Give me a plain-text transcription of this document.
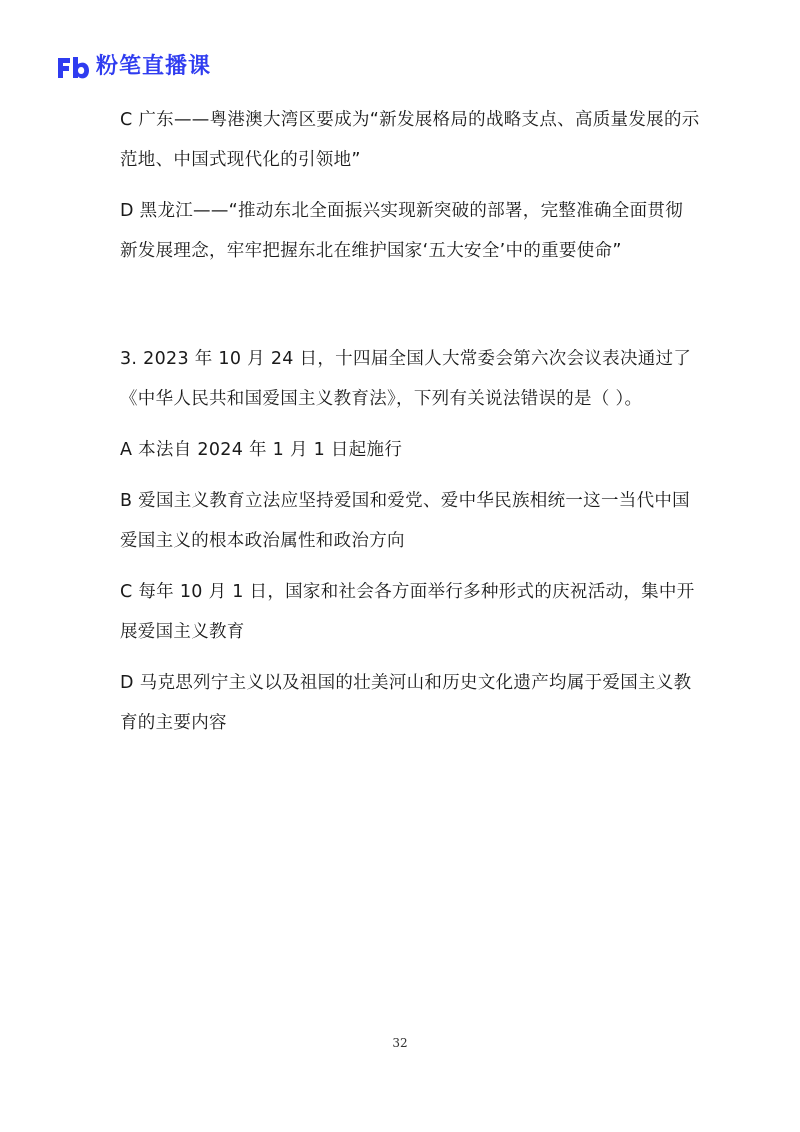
粉笔直播课

C 广东——粤港澳大湾区要成为“新发展格局的战略支点、高质量发展的示范地、中国式现代化的引领地”

D 黑龙江——“推动东北全面振兴实现新突破的部署，完整准确全面贯彻新发展理念，牢牢把握东北在维护国家‘五大安全’中的重要使命”

3. 2023 年 10 月 24 日，十四届全国人大常委会第六次会议表决通过了《中华人民共和国爱国主义教育法》，下列有关说法错误的是（ ）。

A 本法自 2024 年 1 月 1 日起施行

B 爱国主义教育立法应坚持爱国和爱党、爱中华民族相统一这一当代中国爱国主义的根本政治属性和政治方向

C 每年 10 月 1 日，国家和社会各方面举行多种形式的庆祝活动，集中开展爱国主义教育

D 马克思列宁主义以及祖国的壮美河山和历史文化遗产均属于爱国主义教育的主要内容

32
